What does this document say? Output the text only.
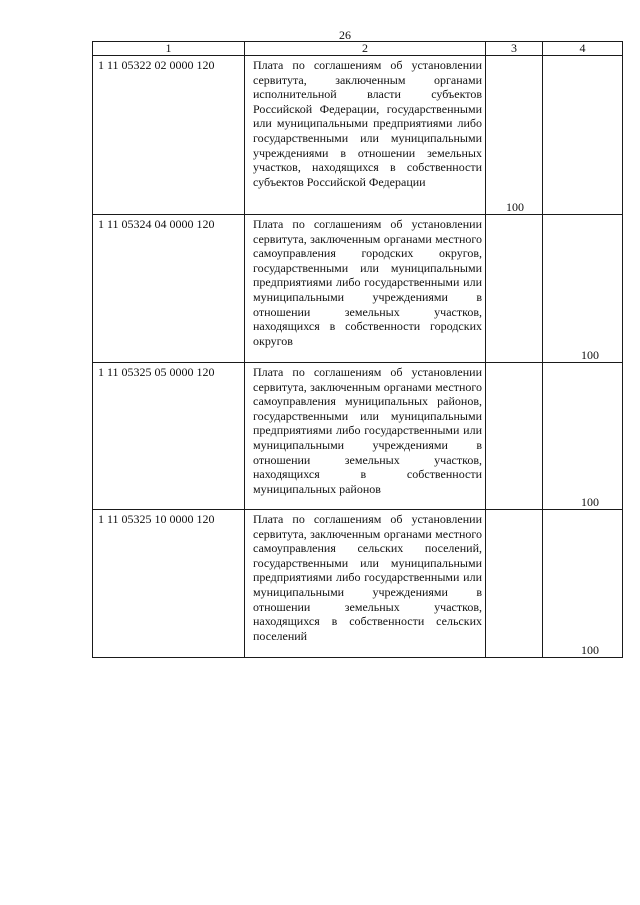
26
1	2	3	4

1 11 05322 02 0000 120	Плата по соглашениям об установлении сервитута, заключенным органами исполнительной власти субъектов Российской Федерации, государственными или муниципальными предприятиями либо государственными или муниципальными учреждениями в отношении земельных участков, находящихся в собственности субъектов Российской Федерации	100	

1 11 05324 04 0000 120	Плата по соглашениям об установлении сервитута, заключенным органами местного самоуправления городских округов, государственными или муниципальными предприятиями либо государственными или муниципальными учреждениями в отношении земельных участков, находящихся в собственности городских округов		100

1 11 05325 05 0000 120	Плата по соглашениям об установлении сервитута, заключенным органами местного самоуправления муниципальных районов, государственными или муниципальными предприятиями либо государственными или муниципальными учреждениями в отношении земельных участков, находящихся в собственности муниципальных районов		100

1 11 05325 10 0000 120	Плата по соглашениям об установлении сервитута, заключенным органами местного самоуправления сельских поселений, государственными или муниципальными предприятиями либо государственными или муниципальными учреждениями в отношении земельных участков, находящихся в собственности сельских поселений		100
